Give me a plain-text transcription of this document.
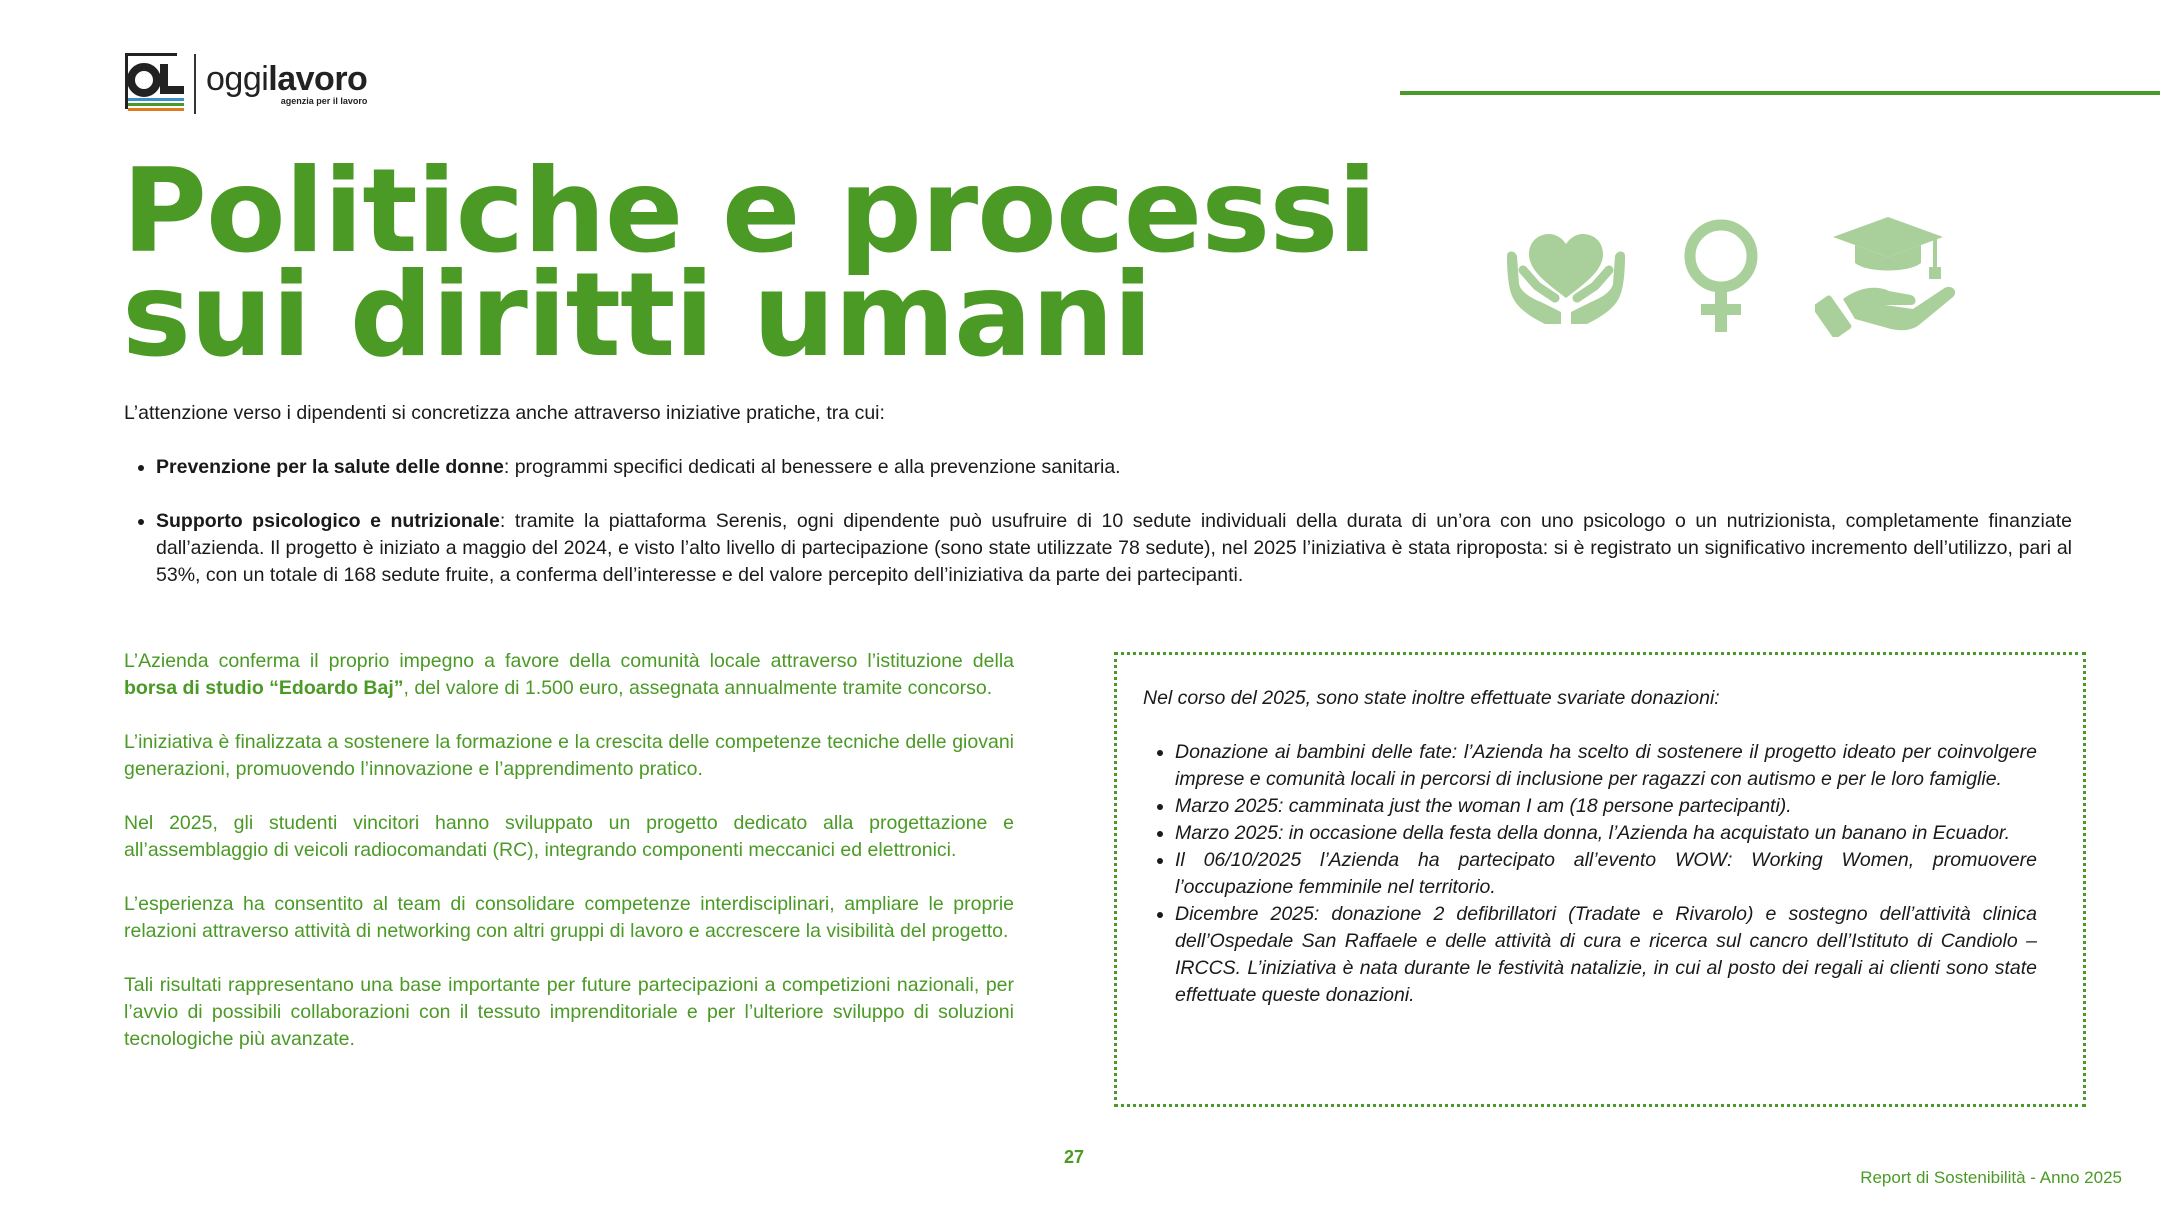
oggilavoro
agenzia per il lavoro
Politiche e processi
sui diritti umani

L’attenzione verso i dipendenti si concretizza anche attraverso iniziative pratiche, tra cui:

• Prevenzione per la salute delle donne: programmi specifici dedicati al benessere e alla prevenzione sanitaria.
• Supporto psicologico e nutrizionale: tramite la piattaforma Serenis, ogni dipendente può usufruire di 10 sedute individuali della durata di un’ora con uno psicologo o un nutrizionista, completamente finanziate dall’azienda. Il progetto è iniziato a maggio del 2024, e visto l’alto livello di partecipazione (sono state utilizzate 78 sedute), nel 2025 l’iniziativa è stata riproposta: si è registrato un significativo incremento dell’utilizzo, pari al 53%, con un totale di 168 sedute fruite, a conferma dell’interesse e del valore percepito dell’iniziativa da parte dei partecipanti.

L’Azienda conferma il proprio impegno a favore della comunità locale attraverso l’istituzione della borsa di studio “Edoardo Baj”, del valore di 1.500 euro, assegnata annualmente tramite concorso.

L’iniziativa è finalizzata a sostenere la formazione e la crescita delle competenze tecniche delle giovani generazioni, promuovendo l’innovazione e l’apprendimento pratico.

Nel 2025, gli studenti vincitori hanno sviluppato un progetto dedicato alla progettazione e all’assemblaggio di veicoli radiocomandati (RC), integrando componenti meccanici ed elettronici.

L’esperienza ha consentito al team di consolidare competenze interdisciplinari, ampliare le proprie relazioni attraverso attività di networking con altri gruppi di lavoro e accrescere la visibilità del progetto.

Tali risultati rappresentano una base importante per future partecipazioni a competizioni nazionali, per l’avvio di possibili collaborazioni con il tessuto imprenditoriale e per l’ulteriore sviluppo di soluzioni tecnologiche più avanzate.

Nel corso del 2025, sono state inoltre effettuate svariate donazioni:

• Donazione ai bambini delle fate: l’Azienda ha scelto di sostenere il progetto ideato per coinvolgere imprese e comunità locali in percorsi di inclusione per ragazzi con autismo e per le loro famiglie.
• Marzo 2025: camminata just the woman I am (18 persone partecipanti).
• Marzo 2025: in occasione della festa della donna, l’Azienda ha acquistato un banano in Ecuador.
• Il 06/10/2025 l’Azienda ha partecipato all’evento WOW: Working Women, promuovere l’occupazione femminile nel territorio.
• Dicembre 2025: donazione 2 defibrillatori (Tradate e Rivarolo) e sostegno dell’attività clinica dell’Ospedale San Raffaele e delle attività di cura e ricerca sul cancro dell’Istituto di Candiolo – IRCCS. L’iniziativa è nata durante le festività natalizie, in cui al posto dei regali ai clienti sono state effettuate queste donazioni.
27
Report di Sostenibilità - Anno 2025
